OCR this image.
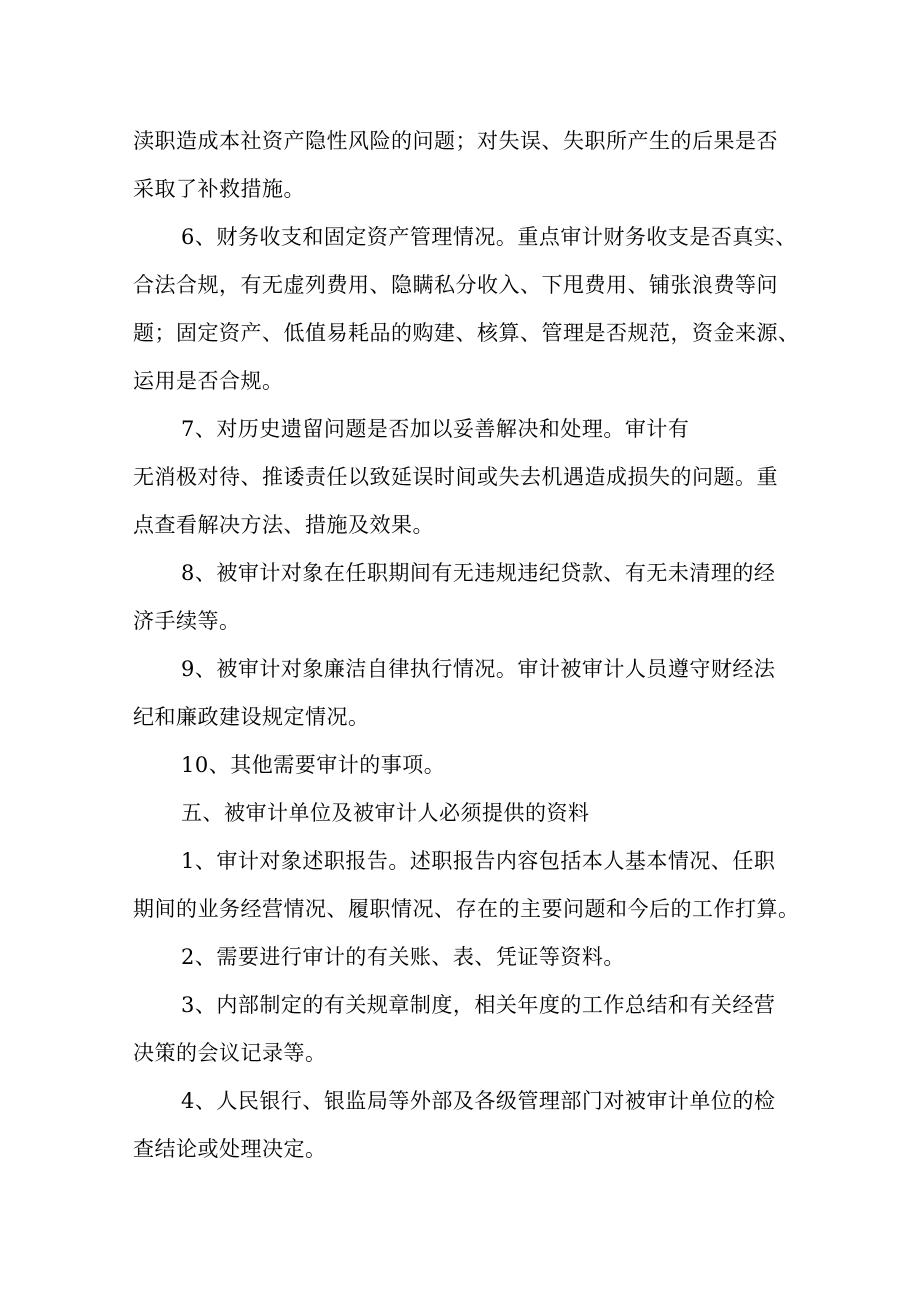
渎职造成本社资产隐性风险的问题；对失误、失职所产生的后果是否
采取了补救措施。
6、财务收支和固定资产管理情况。重点审计财务收支是否真实、
合法合规，有无虚列费用、隐瞒私分收入、下甩费用、铺张浪费等问
题；固定资产、低值易耗品的购建、核算、管理是否规范，资金来源、
运用是否合规。
7、对历史遗留问题是否加以妥善解决和处理。审计有
无消极对待、推诿责任以致延误时间或失去机遇造成损失的问题。重
点查看解决方法、措施及效果。
8、被审计对象在任职期间有无违规违纪贷款、有无未清理的经
济手续等。
9、被审计对象廉洁自律执行情况。审计被审计人员遵守财经法
纪和廉政建设规定情况。
10、其他需要审计的事项。
五、被审计单位及被审计人必须提供的资料
1、审计对象述职报告。述职报告内容包括本人基本情况、任职
期间的业务经营情况、履职情况、存在的主要问题和今后的工作打算。
2、需要进行审计的有关账、表、凭证等资料。
3、内部制定的有关规章制度，相关年度的工作总结和有关经营
决策的会议记录等。
4、人民银行、银监局等外部及各级管理部门对被审计单位的检
查结论或处理决定。
